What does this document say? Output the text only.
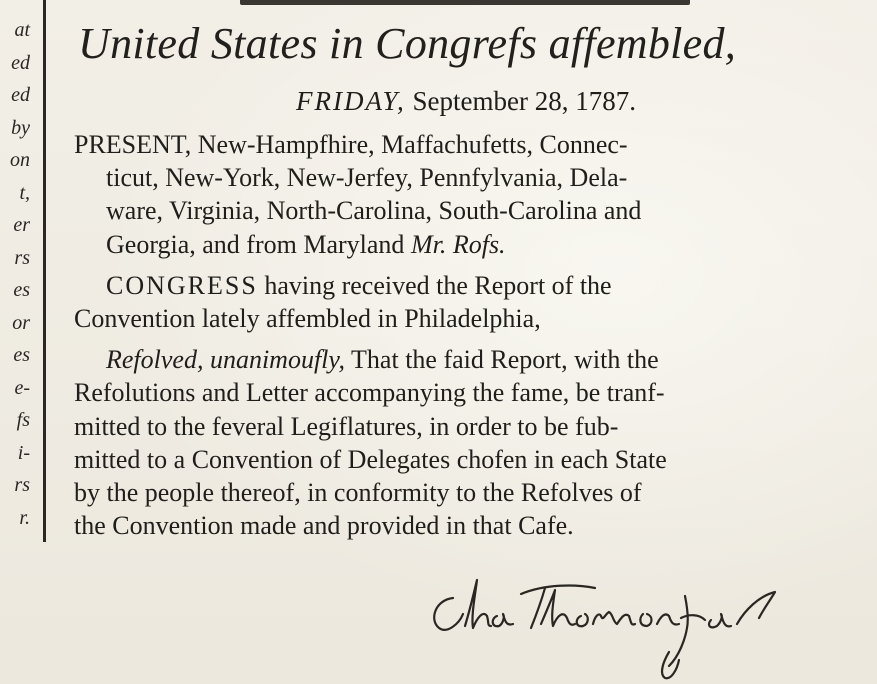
at
ed
ed
by
on
t,
er
rs
es
or
es
e-
fs
i-
rs
r.
United States in Congrefs affembled,
FRIDAY, September 28, 1787.

PRESENT, New-Hampfhire, Maffachufetts, Connec-
ticut, New-York, New-Jerfey, Pennfylvania, Dela-
ware, Virginia, North-Carolina, South-Carolina and
Georgia, and from Maryland Mr. Rofs.

CONGRESS having received the Report of the
Convention lately affembled in Philadelphia,

Refolved, unanimoufly, That the faid Report, with the
Refolutions and Letter accompanying the fame, be tranf-
mitted to the feveral Legiflatures, in order to be fub-
mitted to a Convention of Delegates chofen in each State
by the people thereof, in conformity to the Refolves of
the Convention made and provided in that Cafe.
